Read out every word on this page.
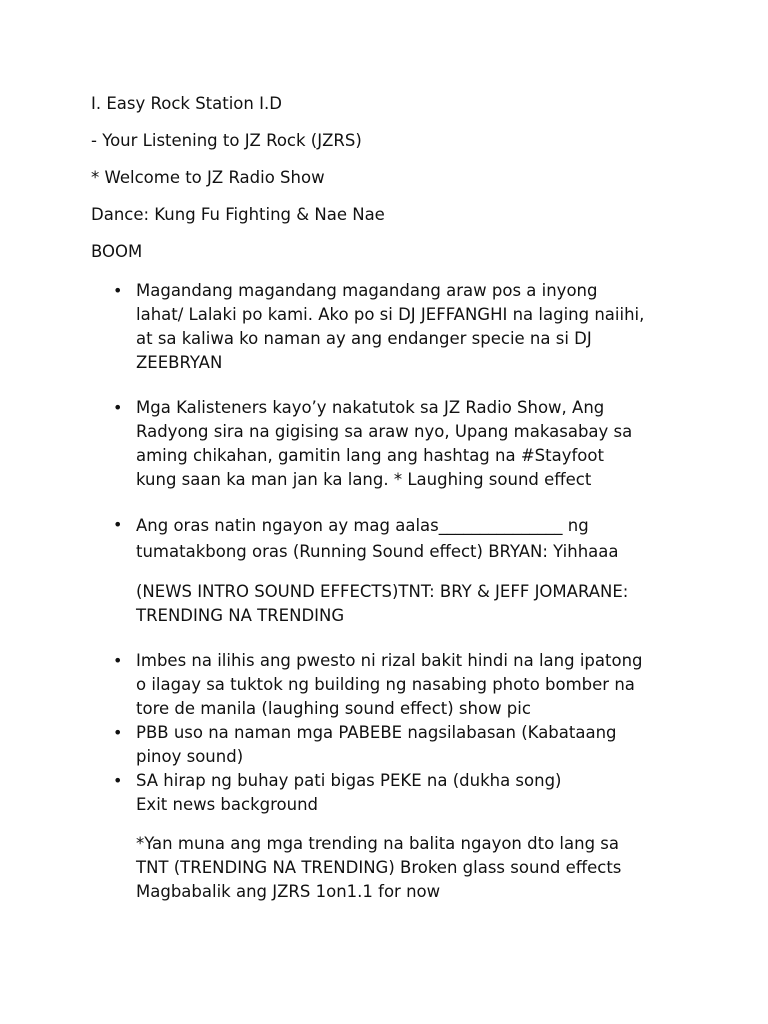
I. Easy Rock Station I.D
- Your Listening to JZ Rock (JZRS)
* Welcome to JZ Radio Show
Dance: Kung Fu Fighting & Nae Nae
BOOM
• Magandang magandang magandang araw pos a inyong
lahat/ Lalaki po kami. Ako po si DJ JEFFANGHI na laging naiihi,
at sa kaliwa ko naman ay ang endanger specie na si DJ
ZEEBRYAN
• Mga Kalisteners kayo’y nakatutok sa JZ Radio Show, Ang
Radyong sira na gigising sa araw nyo, Upang makasabay sa
aming chikahan, gamitin lang ang hashtag na #Stayfoot
kung saan ka man jan ka lang. * Laughing sound effect
• Ang oras natin ngayon ay mag aalas_______________ ng
tumatakbong oras (Running Sound effect) BRYAN: Yihhaaa
(NEWS INTRO SOUND EFFECTS)TNT: BRY & JEFF JOMARANE:
TRENDING NA TRENDING
• Imbes na ilihis ang pwesto ni rizal bakit hindi na lang ipatong
o ilagay sa tuktok ng building ng nasabing photo bomber na
tore de manila (laughing sound effect) show pic
• PBB uso na naman mga PABEBE nagsilabasan (Kabataang
pinoy sound)
• SA hirap ng buhay pati bigas PEKE na (dukha song)
Exit news background
*Yan muna ang mga trending na balita ngayon dto lang sa
TNT (TRENDING NA TRENDING) Broken glass sound effects
Magbabalik ang JZRS 1on1.1 for now
